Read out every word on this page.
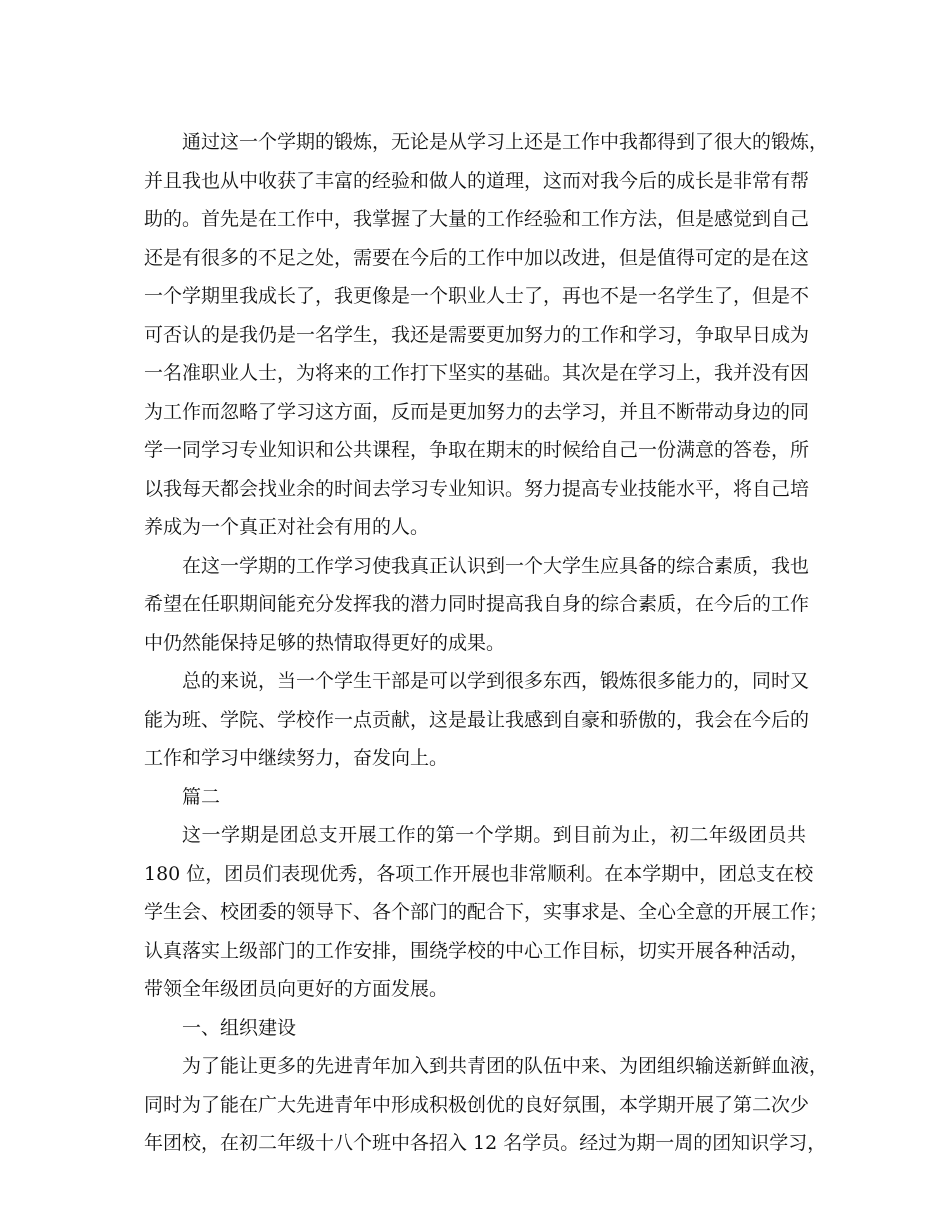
通过这一个学期的锻炼，无论是从学习上还是工作中我都得到了很大的锻炼，
并且我也从中收获了丰富的经验和做人的道理，这而对我今后的成长是非常有帮
助的。首先是在工作中，我掌握了大量的工作经验和工作方法，但是感觉到自己
还是有很多的不足之处，需要在今后的工作中加以改进，但是值得可定的是在这
一个学期里我成长了，我更像是一个职业人士了，再也不是一名学生了，但是不
可否认的是我仍是一名学生，我还是需要更加努力的工作和学习，争取早日成为
一名准职业人士，为将来的工作打下坚实的基础。其次是在学习上，我并没有因
为工作而忽略了学习这方面，反而是更加努力的去学习，并且不断带动身边的同
学一同学习专业知识和公共课程，争取在期末的时候给自己一份满意的答卷，所
以我每天都会找业余的时间去学习专业知识。努力提高专业技能水平，将自己培
养成为一个真正对社会有用的人。
在这一学期的工作学习使我真正认识到一个大学生应具备的综合素质，我也
希望在任职期间能充分发挥我的潜力同时提高我自身的综合素质，在今后的工作
中仍然能保持足够的热情取得更好的成果。
总的来说，当一个学生干部是可以学到很多东西，锻炼很多能力的，同时又
能为班、学院、学校作一点贡献，这是最让我感到自豪和骄傲的，我会在今后的
工作和学习中继续努力，奋发向上。
篇二
这一学期是团总支开展工作的第一个学期。到目前为止，初二年级团员共
180 位，团员们表现优秀，各项工作开展也非常顺利。在本学期中，团总支在校
学生会、校团委的领导下、各个部门的配合下，实事求是、全心全意的开展工作；
认真落实上级部门的工作安排，围绕学校的中心工作目标，切实开展各种活动，
带领全年级团员向更好的方面发展。
一、组织建设
为了能让更多的先进青年加入到共青团的队伍中来、为团组织输送新鲜血液，
同时为了能在广大先进青年中形成积极创优的良好氛围，本学期开展了第二次少
年团校，在初二年级十八个班中各招入 12 名学员。经过为期一周的团知识学习，
